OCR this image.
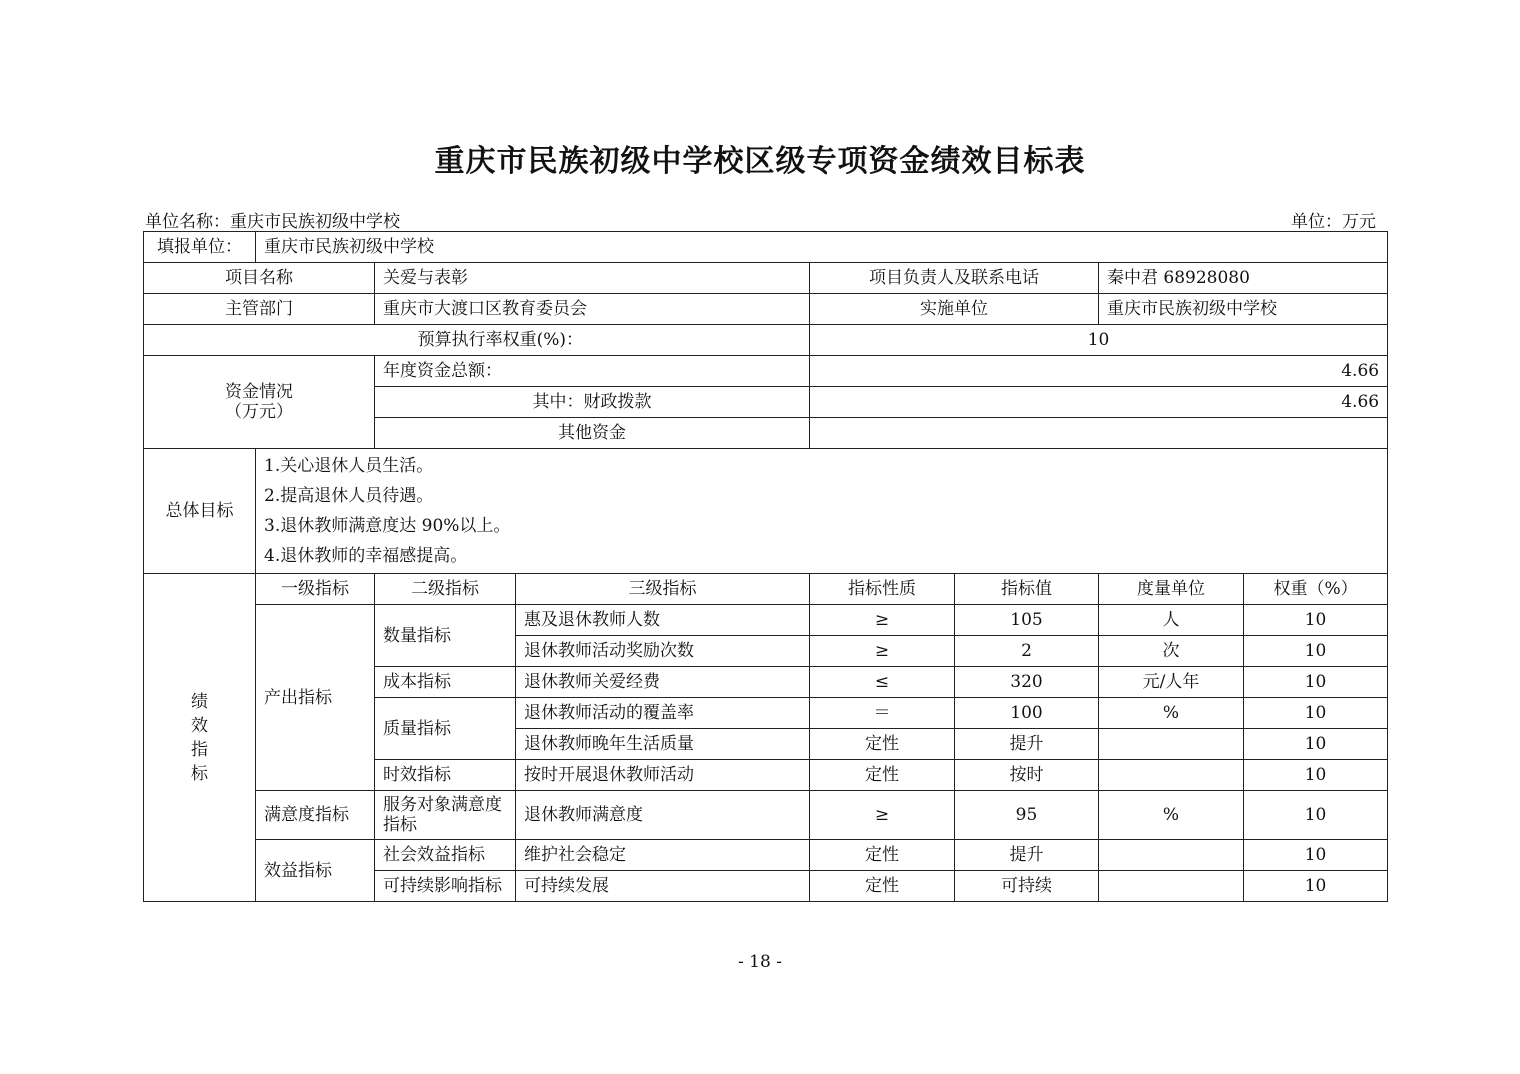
重庆市民族初级中学校区级专项资金绩效目标表
单位名称：重庆市民族初级中学校	单位：万元
填报单位：	重庆市民族初级中学校						
项目名称		关爱与表彰		项目负责人及联系电话		秦中君 68928080	
主管部门		重庆市大渡口区教育委员会		实施单位		重庆市民族初级中学校	
预算执行率权重(%)：				10			

资金情况
（万元）		年度资金总额：		4.66			
		其中：财政拨款		4.66			
		其他资金					
总体目标	1.关心退休人员生活。
2.提高退休人员待遇。
3.退休教师满意度达 90%以上。
4.退休教师的幸福感提高。						

绩
效
指
标	一级指标	二级指标	三级指标	指标性质	指标值	度量单位	权重（%）
	产出指标	数量指标	惠及退休教师人数	≥	105	人	10
			退休教师活动奖励次数	≥	2	次	10
		成本指标	退休教师关爱经费	≤	320	元/人年	10
		质量指标	退休教师活动的覆盖率	＝	100	%	10
			退休教师晚年生活质量	定性	提升		10
		时效指标	按时开展退休教师活动	定性	按时		10
	满意度指标	服务对象满意度指标	退休教师满意度	≥	95	%	10
	效益指标	社会效益指标	维护社会稳定	定性	提升		10
		可持续影响指标	可持续发展	定性	可持续		10
- 18 -
